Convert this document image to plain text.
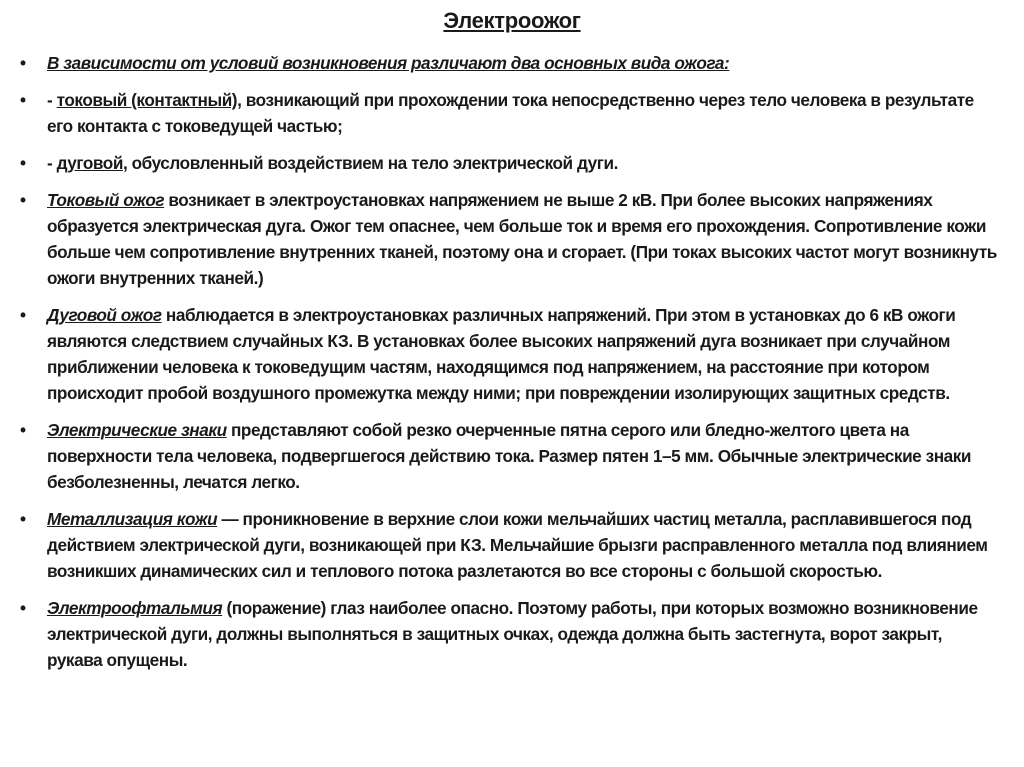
Электроожог
• В зависимости от условий возникновения различают два основных вида ожога:
• - токовый (контактный), возникающий при прохождении тока непосредственно через тело человека в результате его контакта с токоведущей частью;
• - дуговой, обусловленный воздействием на тело электрической дуги.
• Токовый ожог возникает в электроустановках напряжением не выше 2 кВ. При более высоких напряжениях образуется электрическая дуга. Ожог тем опаснее, чем больше ток и время его прохождения. Сопротивление кожи больше чем сопротивление внутренних тканей, поэтому она и сгорает. (При токах высоких частот могут возникнуть ожоги внутренних тканей.)
• Дуговой ожог наблюдается в электроустановках различных напряжений. При этом в установках до 6 кВ ожоги являются следствием случайных КЗ. В установках более высоких напряжений дуга возникает при случайном приближении человека к токоведущим частям, находящимся под напряжением, на расстояние при котором происходит пробой воздушного промежутка между ними; при повреждении изолирующих защитных средств.
• Электрические знаки представляют собой резко очерченные пятна серого или бледно-желтого цвета на поверхности тела человека, подвергшегося действию тока. Размер пятен 1–5 мм. Обычные электрические знаки безболезненны, лечатся легко.
• Металлизация кожи — проникновение в верхние слои кожи мельчайших частиц металла, расплавившегося под действием электрической дуги, возникающей при КЗ. Мельчайшие брызги расправленного металла под влиянием возникших динамических сил и теплового потока разлетаются во все стороны с большой скоростью.
• Электроофтальмия (поражение) глаз наиболее опасно. Поэтому работы, при которых возможно возникновение электрической дуги, должны выполняться в защитных очках, одежда должна быть застегнута, ворот закрыт, рукава опущены.
